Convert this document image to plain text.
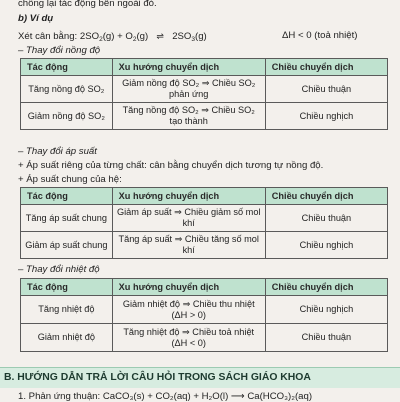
chống lại tác động bên ngoài đó.
b) Ví dụ
Xét cân bằng: $2SO_2(g) + O_2(g)$ ⇌ $2SO_3(g)$	ΔH < 0 (toả nhiệt)
– Thay đổi nồng độ
Tác động	Xu hướng chuyển dịch	Chiều chuyển dịch
Tăng nồng độ SO₂	Giảm nồng độ SO₂ ⇒ Chiều SO₂ phản ứng	Chiều thuận
Giảm nồng độ SO₂	Tăng nồng độ SO₂ ⇒ Chiều SO₂ tạo thành	Chiều nghịch
– Thay đổi áp suất
+ Áp suất riêng của từng chất: cân bằng chuyển dịch tương tự nồng độ.
+ Áp suất chung của hệ:
Tác động	Xu hướng chuyển dịch	Chiều chuyển dịch
Tăng áp suất chung	Giảm áp suất ⇒ Chiều giảm số mol khí	Chiều thuận
Giảm áp suất chung	Tăng áp suất ⇒ Chiều tăng số mol khí	Chiều nghịch
– Thay đổi nhiệt độ
Tác động	Xu hướng chuyển dịch	Chiều chuyển dịch
Tăng nhiệt độ	Giảm nhiệt độ ⇒ Chiều thu nhiệt (ΔH > 0)	Chiều nghịch
Giảm nhiệt độ	Tăng nhiệt độ ⇒ Chiều toả nhiệt (ΔH < 0)	Chiều thuận
B. HƯỚNG DẪN TRẢ LỜI CÂU HỎI TRONG SÁCH GIÁO KHOA
1. Phản ứng thuận: CaCO₃(s) + CO₂(aq) + H₂O(l) ⟶ Ca(HCO₃)₂(aq)
